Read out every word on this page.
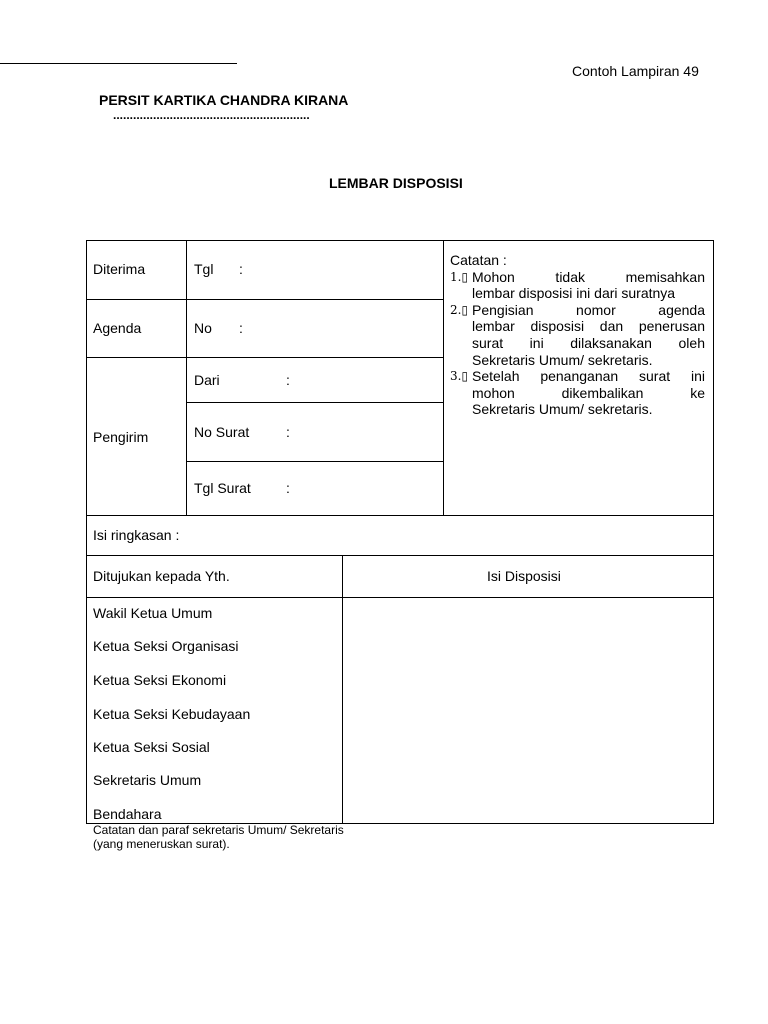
Contoh Lampiran 49
PERSIT KARTIKA CHANDRA KIRANA
...........................................................
LEMBAR DISPOSISI
Diterima	Tgl :
Agenda	No :
Pengirim
Dari	:
No Surat	:
Tgl Surat	:
Catatan :
1.▯ Mohon tidak memisahkan
lembar disposisi ini dari suratnya
2.▯ Pengisian nomor agenda
lembar disposisi dan penerusan
surat ini dilaksanakan oleh
Sekretaris Umum/ sekretaris.
3.▯ Setelah penanganan surat ini
mohon dikembalikan ke
Sekretaris Umum/ sekretaris.
Isi ringkasan :
Ditujukan kepada Yth.	Isi Disposisi
Wakil Ketua Umum
Ketua Seksi Organisasi
Ketua Seksi Ekonomi
Ketua Seksi Kebudayaan
Ketua Seksi Sosial
Sekretaris Umum
Bendahara
Catatan dan paraf sekretaris Umum/ Sekretaris
(yang meneruskan surat).
